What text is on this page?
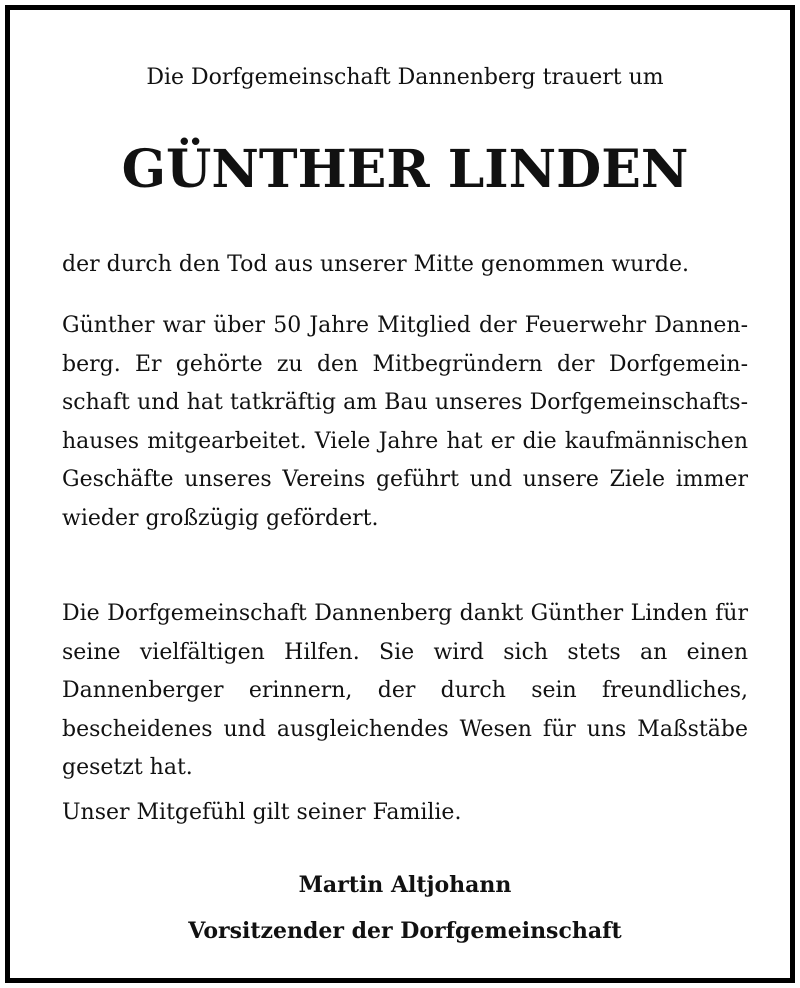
Die Dorfgemeinschaft Dannenberg trauert um
GÜNTHER LINDEN

der durch den Tod aus unserer Mitte genommen wurde.

Günther war über 50 Jahre Mitglied der Feuerwehr Dannenberg. Er gehörte zu den Mitbegründern der Dorfgemeinschaft und hat tatkräftig am Bau unseres Dorfgemeinschaftshauses mitgearbeitet. Viele Jahre hat er die kaufmännischen Geschäfte unseres Vereins geführt und unsere Ziele immer wieder großzügig gefördert.

Die Dorfgemeinschaft Dannenberg dankt Günther Linden für seine vielfältigen Hilfen. Sie wird sich stets an einen Dannenberger erinnern, der durch sein freundliches, bescheidenes und ausgleichendes Wesen für uns Maßstäbe gesetzt hat.

Unser Mitgefühl gilt seiner Familie.

Martin Altjohann
Vorsitzender der Dorfgemeinschaft
